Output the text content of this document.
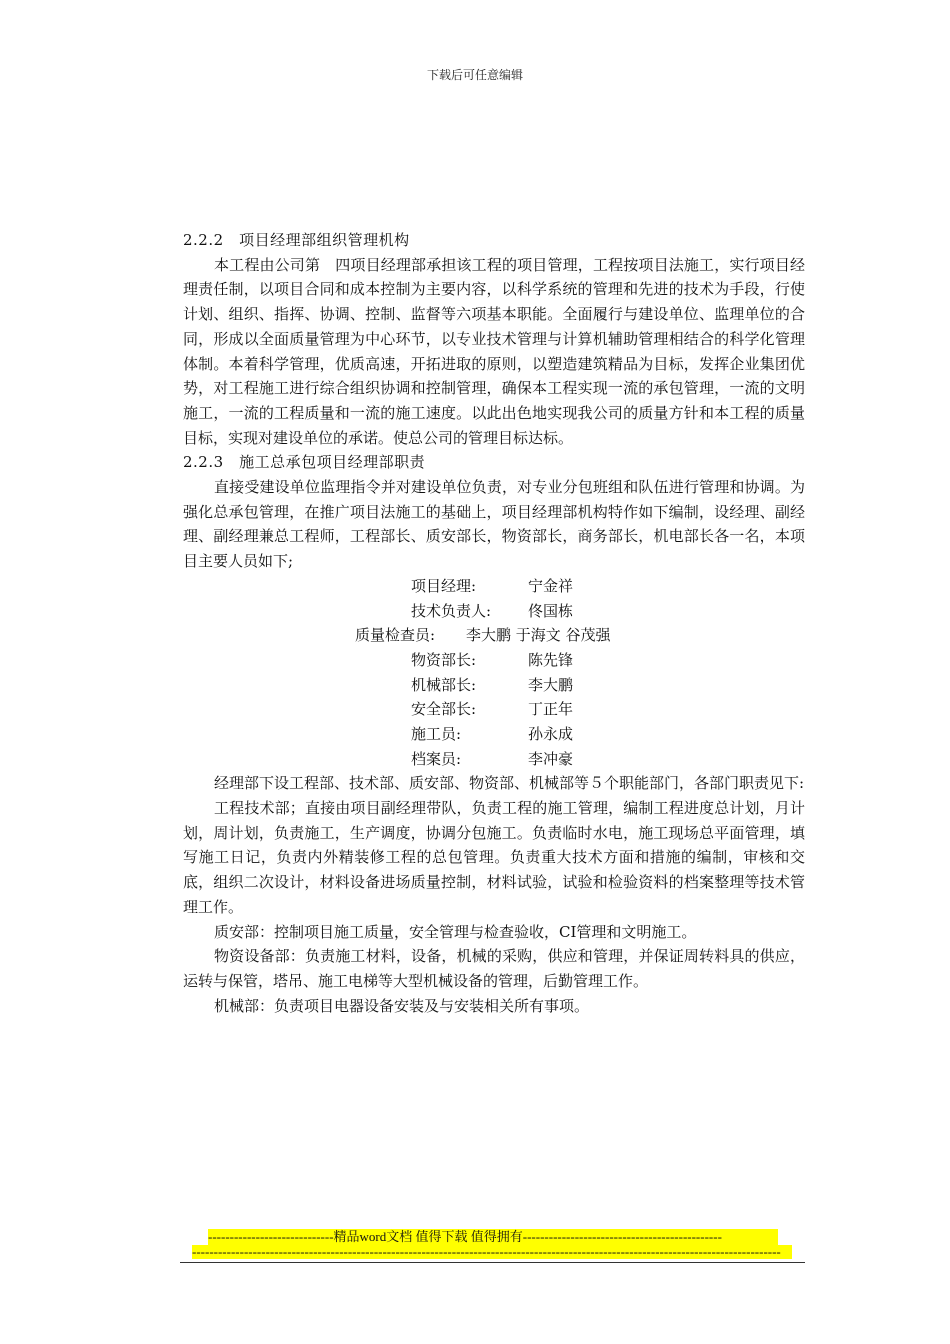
下载后可任意编辑

2.2.2　项目经理部组织管理机构

本工程由公司第　四项目经理部承担该工程的项目管理，工程按项目法施工，实行项目经理责任制，以项目合同和成本控制为主要内容，以科学系统的管理和先进的技术为手段，行使计划、组织、指挥、协调、控制、监督等六项基本职能。全面履行与建设单位、监理单位的合同，形成以全面质量管理为中心环节，以专业技术管理与计算机辅助管理相结合的科学化管理体制。本着科学管理，优质高速，开拓进取的原则，以塑造建筑精品为目标，发挥企业集团优势，对工程施工进行综合组织协调和控制管理，确保本工程实现一流的承包管理，一流的文明施工，一流的工程质量和一流的施工速度。以此出色地实现我公司的质量方针和本工程的质量目标，实现对建设单位的承诺。使总公司的管理目标达标。

2.2.3　施工总承包项目经理部职责

直接受建设单位监理指令并对建设单位负责，对专业分包班组和队伍进行管理和协调。为强化总承包管理，在推广项目法施工的基础上，项目经理部机构特作如下编制，设经理、副经理、副经理兼总工程师，工程部长、质安部长，物资部长，商务部长，机电部长各一名，本项目主要人员如下;

项目经理:	宁金祥
技术负责人: 佟国栋
质量检查员: 李大鹏 于海文 谷茂强
物资部长:	陈先锋
机械部长:	李大鹏
安全部长:	丁正年
施工员:	孙永成
档案员:	李冲豪

经理部下设工程部、技术部、质安部、物资部、机械部等５个职能部门，各部门职责见下:

工程技术部；直接由项目副经理带队，负责工程的施工管理，编制工程进度总计划，月计划，周计划，负责施工，生产调度，协调分包施工。负责临时水电，施工现场总平面管理，填写施工日记，负责内外精装修工程的总包管理。负责重大技术方面和措施的编制，审核和交底，组织二次设计，材料设备进场质量控制，材料试验，试验和检验资料的档案整理等技术管理工作。

质安部：控制项目施工质量，安全管理与检查验收，CI管理和文明施工。

物资设备部：负责施工材料，设备，机械的采购，供应和管理，并保证周转料具的供应，运转与保管，塔吊、施工电梯等大型机械设备的管理，后勤管理工作。

机械部：负责项目电器设备安装及与安装相关所有事项。

-----------------------------精品word文档 值得下载 值得拥有----------------------------------------------
----------------------------------------------------------------------------------------------------------------------------------------
